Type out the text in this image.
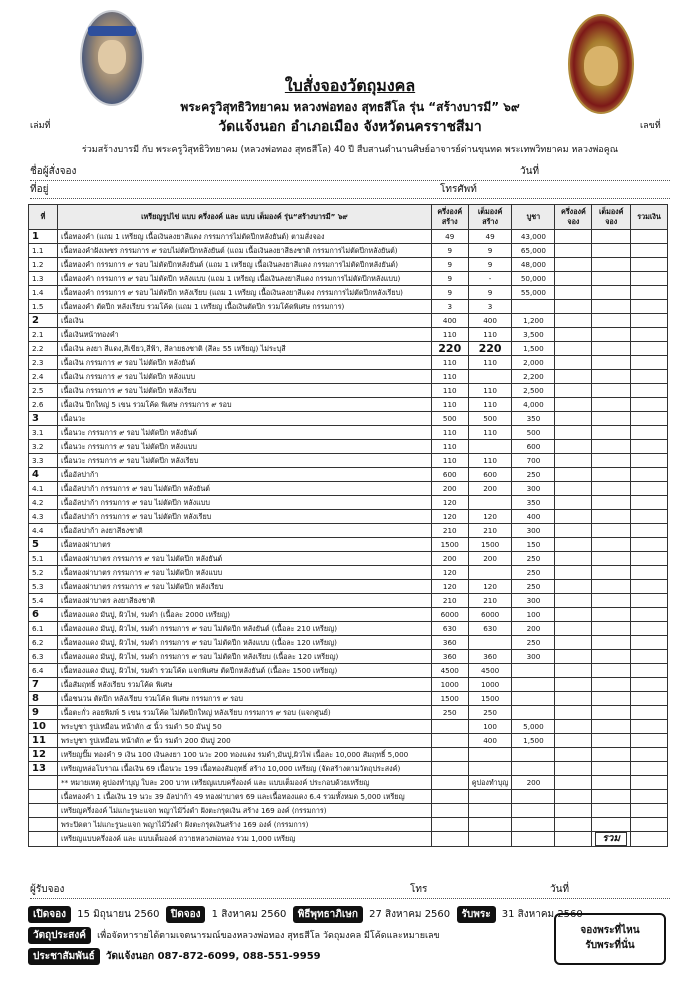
เล่มที่	เลขที่
ใบสั่งจองวัตถุมงคล
พระครูวิสุทธิวิทยาคม หลวงพ่อทอง สุทธสีโล รุ่น “สร้างบารมี” ๖๙
วัดแจ้งนอก อำเภอเมือง จังหวัดนครราชสีมา
ร่วมสร้างบารมี กับ พระครูวิสุทธิวิทยาคม (หลวงพ่อทอง สุทธสีโล) 40 ปี สืบสานตำนานศิษย์อาจารย์ด่านขุนทด พระเทพวิทยาคม หลวงพ่อคูณ
ชื่อผู้สั่งจอง	วันที่
ที่อยู่	โทรศัพท์
ที่	เหรียญรูปไข่ แบบ ครึ่งองค์ และ แบบ เต็มองค์ รุ่น“สร้างบารมี” ๖๙	ครึ่งองค์ สร้าง	เต็มองค์ สร้าง	บูชา	ครึ่งองค์ จอง	เต็มองค์ จอง	รวมเงิน
1	เนื้อทองคำ (แถม 1 เหรียญ เนื้อเงินลงยาสีแดง กรรมการไม่ตัดปีกหลังยันต์) ตามสั่งจอง	49	49	43,000			
1.1	เนื้อทองคำฝังเพชร กรรมการ ๙ รอบไม่ตัดปีกหลังยันต์ (แถม เนื้อเงินลงยาสีธงชาติ กรรมการไม่ตัดปีกหลังยันต์)	9	9	65,000			
1.2	เนื้อทองคำ กรรมการ ๙ รอบ ไม่ตัดปีกหลังยันต์ (แถม 1 เหรียญ เนื้อเงินลงยาสีแดง กรรมการไม่ตัดปีกหลังยันต์)	9	9	48,000			
1.3	เนื้อทองคำ กรรมการ ๙ รอบ ไม่ตัดปีก หลังแบบ (แถม 1 เหรียญ เนื้อเงินลงยาสีแดง กรรมการไม่ตัดปีกหลังแบบ)	9	-	50,000			
1.4	เนื้อทองคำ กรรมการ ๙ รอบ ไม่ตัดปีก หลังเรียบ (แถม 1 เหรียญ เนื้อเงินลงยาสีแดง กรรมการไม่ตัดปีกหลังเรียบ)	9	9	55,000			
1.5	เนื้อทองคำ ตัดปีก หลังเรียบ รวมโค้ด (แถม 1 เหรียญ เนื้อเงินตัดปีก รวมโค้ดพิเศษ กรรมการ)	3	3				
2	เนื้อเงิน	400	400	1,200			
2.1	เนื้อเงินหน้าทองคำ	110	110	3,500			
2.2	เนื้อเงิน ลงยา สีแดง,สีเขียว,สีฟ้า, สีลายธงชาติ (สีละ 55 เหรียญ) ไม่ระบุสี	220	220	1,500			
2.3	เนื้อเงิน กรรมการ ๙ รอบ ไม่ตัดปีก หลังยันต์	110	110	2,000			
2.4	เนื้อเงิน กรรมการ ๙ รอบ ไม่ตัดปีก หลังแบบ	110		2,200			
2.5	เนื้อเงิน กรรมการ ๙ รอบ ไม่ตัดปีก หลังเรียบ	110	110	2,500			
2.6	เนื้อเงิน ปีกใหญ่ 5 เขน รวมโค้ด พิเศษ กรรมการ ๙ รอบ	110	110	4,000			
3	เนื้อนวะ	500	500	350			
3.1	เนื้อนวะ กรรมการ ๙ รอบ ไม่ตัดปีก หลังยันต์	110	110	500			
3.2	เนื้อนวะ กรรมการ ๙ รอบ ไม่ตัดปีก หลังแบบ	110		600			
3.3	เนื้อนวะ กรรมการ ๙ รอบ ไม่ตัดปีก หลังเรียบ	110	110	700			
4	เนื้ออัลปาก้า	600	600	250			
4.1	เนื้ออัลปาก้า กรรมการ ๙ รอบ ไม่ตัดปีก หลังยันต์	200	200	300			
4.2	เนื้ออัลปาก้า กรรมการ ๙ รอบ ไม่ตัดปีก หลังแบบ	120		350			
4.3	เนื้ออัลปาก้า กรรมการ ๙ รอบ ไม่ตัดปีก หลังเรียบ	120	120	400			
4.4	เนื้ออัลปาก้า ลงยาสีธงชาติ	210	210	300			
5	เนื้อทองฝาบาตร	1500	1500	150			
5.1	เนื้อทองฝาบาตร กรรมการ ๙ รอบ ไม่ตัดปีก หลังยันต์	200	200	250			
5.2	เนื้อทองฝาบาตร กรรมการ ๙ รอบ ไม่ตัดปีก หลังแบบ	120		250			
5.3	เนื้อทองฝาบาตร กรรมการ ๙ รอบ ไม่ตัดปีก หลังเรียบ	120	120	250			
5.4	เนื้อทองฝาบาตร ลงยาสีธงชาติ	210	210	300			
6	เนื้อทองแดง มันปู, ผิวไฟ, รมดำ (เนื้อละ 2000 เหรียญ)	6000	6000	100			
6.1	เนื้อทองแดง มันปู, ผิวไฟ, รมดำ กรรมการ ๙ รอบ ไม่ตัดปีก หลังยันต์ (เนื้อละ 210 เหรียญ)	630	630	200			
6.2	เนื้อทองแดง มันปู, ผิวไฟ, รมดำ กรรมการ ๙ รอบ ไม่ตัดปีก หลังแบบ (เนื้อละ 120 เหรียญ)	360		250			
6.3	เนื้อทองแดง มันปู, ผิวไฟ, รมดำ กรรมการ ๙ รอบ ไม่ตัดปีก หลังเรียบ (เนื้อละ 120 เหรียญ)	360	360	300			
6.4	เนื้อทองแดง มันปู, ผิวไฟ, รมดำ รวมโค้ด แจกพิเศษ ตัดปีกหลังยันต์ (เนื้อละ 1500 เหรียญ)	4500	4500				
7	เนื้อสัมฤทธิ์ หลังเรียบ รวมโค้ด พิเศษ	1000	1000				
8	เนื้อชนวน ตัดปีก หลังเรียบ รวมโค้ด พิเศษ กรรมการ ๙ รอบ	1500	1500				
9	เนื้อตะกั่ว ลอยพิมพ์ 5 เขน รวมโค้ด ไม่ตัดปีกใหญ่ หลังเรียบ กรรมการ ๙ รอบ (แจกศูนย์)	250	250				
10	พระบูชา รูปเหมือน หน้าตัก ๕ นิ้ว รมดำ 50 มันปู 50		100	5,000			
11	พระบูชา รูปเหมือน หน้าตัก ๙ นิ้ว รมดำ 200 มันปู 200		400	1,500			
12	เหรียญปั๊ม ทองคำ 9 เงิน 100 เงินลงยา 100 นวะ 200 ทองแดง รมดำ,มันปู,ผิวไฟ เนื้อละ 10,000 สัมฤทธิ์ 5,000						
13	เหรียญหล่อโบราณ เนื้อเงิน 69 เนื้อนวะ 199 เนื้อทองสัมฤทธิ์ สร้าง 10,000 เหรียญ (จัดสร้างตามวัตถุประสงค์)						
	** หมายเหตุ คูปองทำบุญ ใบละ 200 บาท เหรียญแบบครึ่งองค์ และ แบบเต็มองค์ ประกอบด้วยเหรียญ		คูปองทำบุญ	200			
	เนื้อทองคำ 1 เนื้อเงิน 19 นวะ 39 อัลปาก้า 49 ทองฝาบาตร 69 และเนื้อทองแดง 6.4 รวมทั้งหมด 5,000 เหรียญ						
	เหรียญครึ่งองค์ ไม่แกะรูนะแจก พญาไม้วิ่งดำ ฝังตะกรุดเงิน สร้าง 169 องค์ (กรรมการ)						
	พระปิดตา ไม่แกะรูนะแจก พญาไม้วิ่งดำ ฝังตะกรุดเงินสร้าง 169 องค์ (กรรมการ)						
	เหรียญแบบครึ่งองค์ และ แบบเต็มองค์ ถวายหลวงพ่อทอง รวม 1,000 เหรียญ					รวม	
ผู้รับจอง	โทร	วันที่
เปิดจอง 15 มิถุนายน 2560 ปิดจอง 1 สิงหาคม 2560 พิธีพุทธาภิเษก 27 สิงหาคม 2560 รับพระ 31 สิงหาคม 2560
วัตถุประสงค์ เพื่อจัดหารายได้ตามเจตนารมณ์ของหลวงพ่อทอง สุทธสีโล วัดถุมงคล มีโค้ดและหมายเลข
ประชาสัมพันธ์ วัดแจ้งนอก 087-872-6099, 088-551-9959
จองพระที่ไหน
รับพระที่นั่น
